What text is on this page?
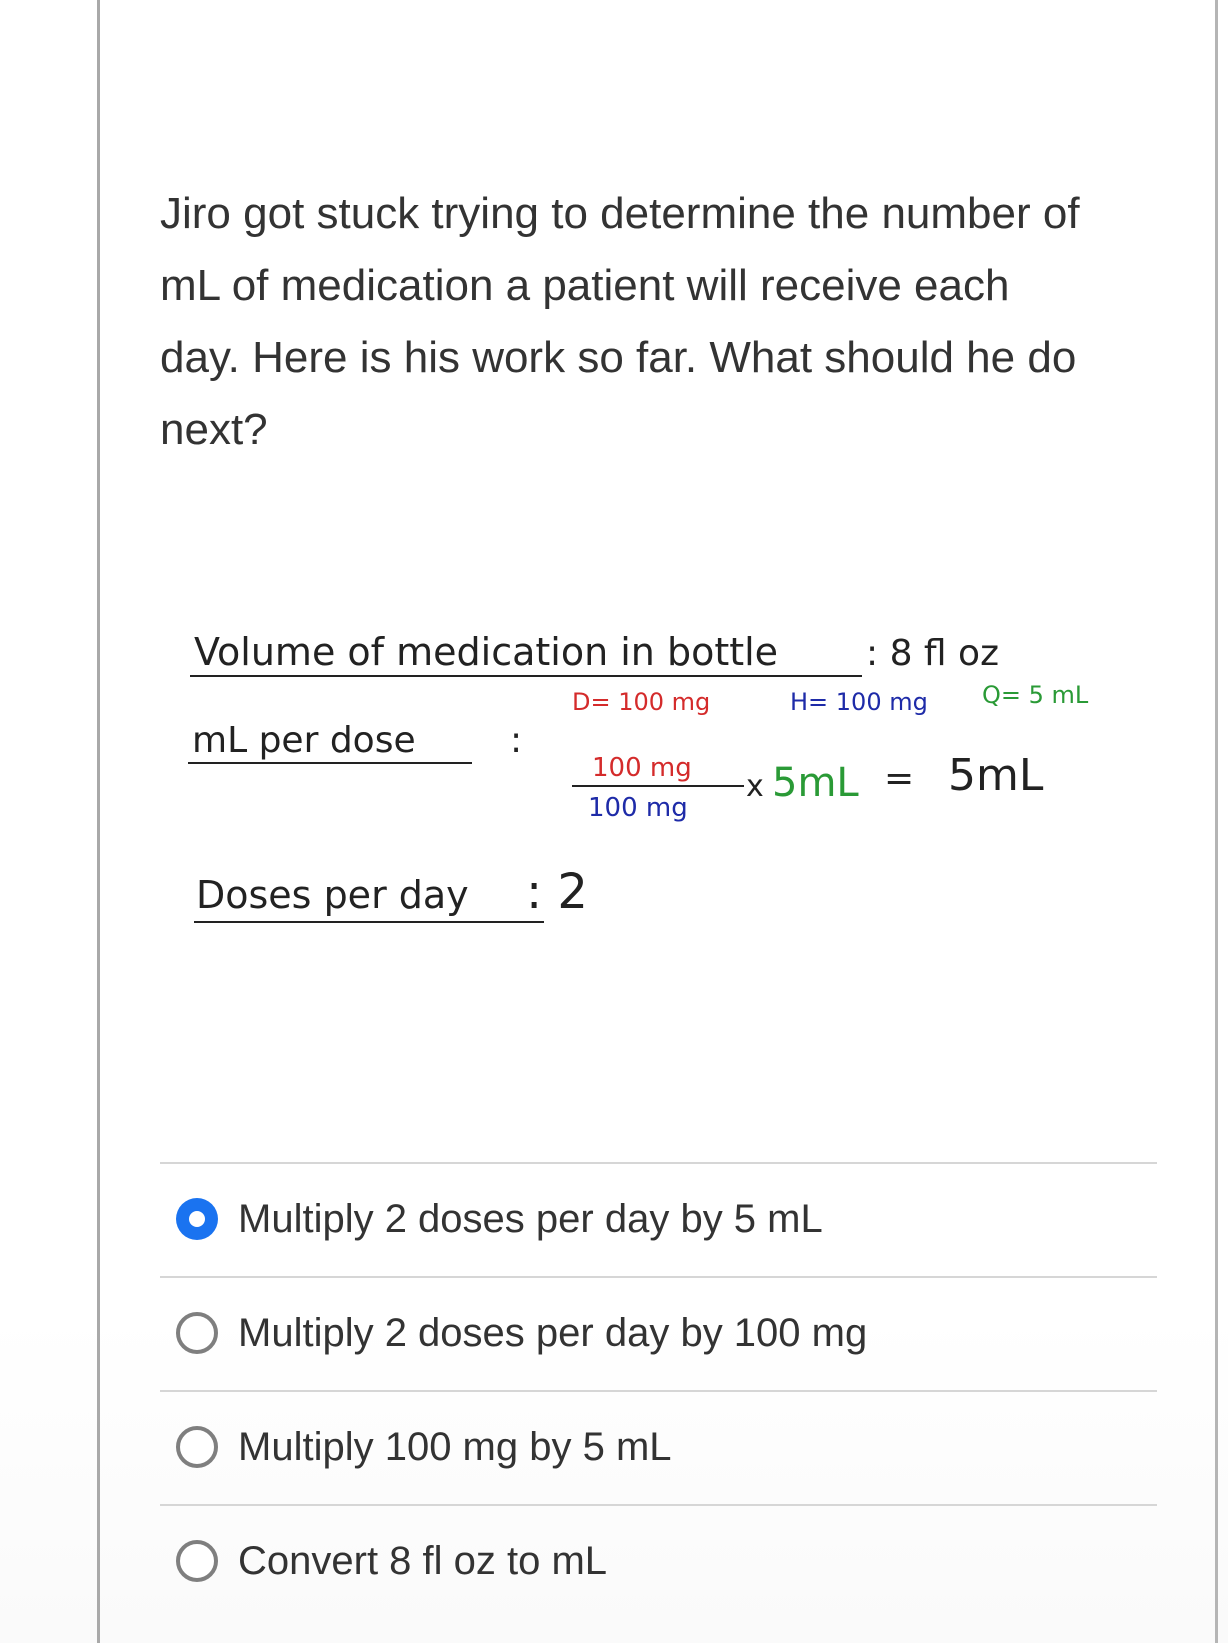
Jiro got stuck trying to determine the number of
mL of medication a patient will receive each
day. Here is his work so far. What should he do
next?
Volume of medication in bottle : 8 fl oz
D= 100 mg	H= 100 mg Q= 5 mL
mL per dose	:
100 mg
100 mg
x 5mL = 5mL
Doses per day : 2
Multiply 2 doses per day by 5 mL
Multiply 2 doses per day by 100 mg
Multiply 100 mg by 5 mL
Convert 8 fl oz to mL
